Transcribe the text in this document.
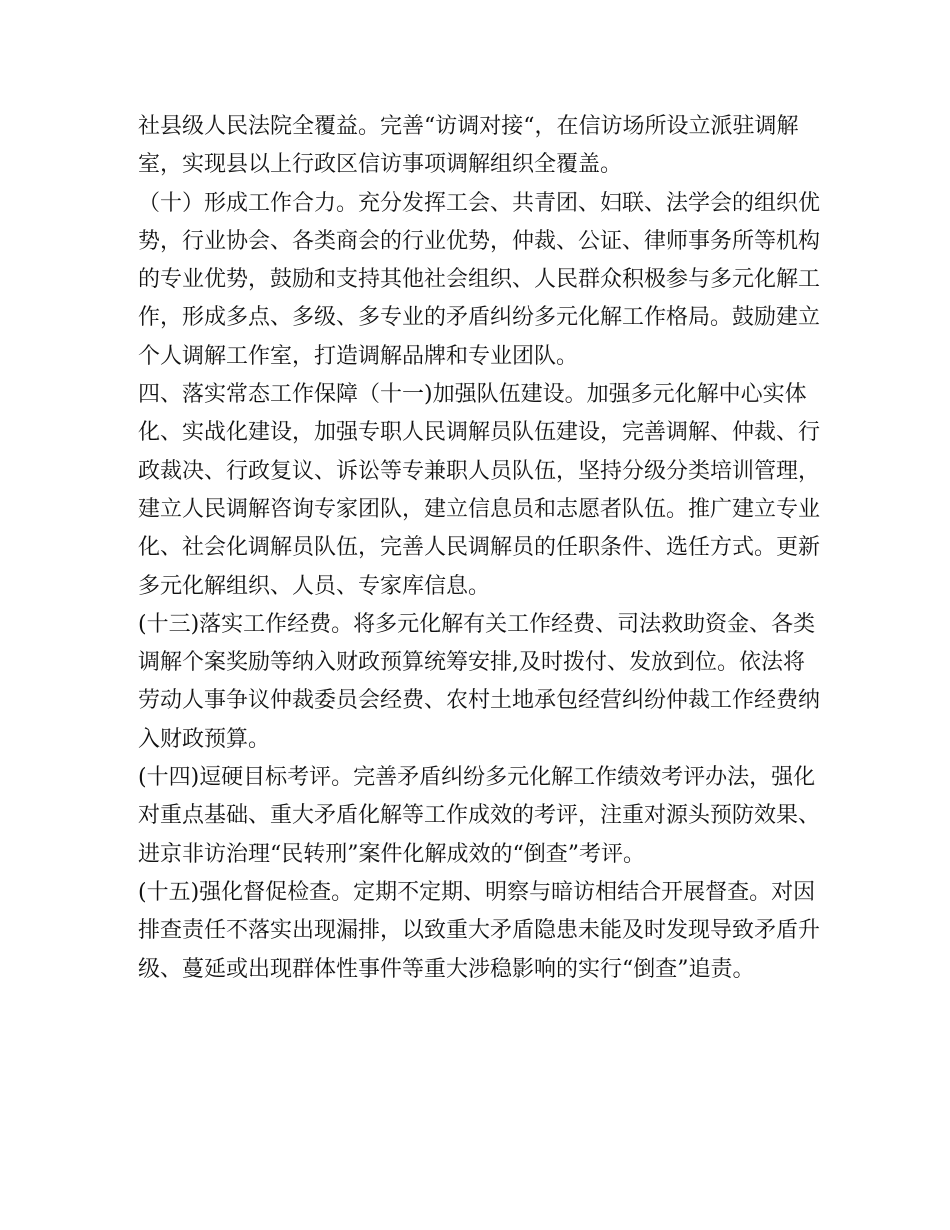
社县级人民法院全覆益。完善“访调对接“，在信访场所设立派驻调解
室，实现县以上行政区信访事项调解组织全覆盖。
（十）形成工作合力。充分发挥工会、共青团、妇联、法学会的组织优
势，行业协会、各类商会的行业优势，仲裁、公证、律师事务所等机构
的专业优势，鼓励和支持其他社会组织、人民群众积极参与多元化解工
作，形成多点、多级、多专业的矛盾纠纷多元化解工作格局。鼓励建立
个人调解工作室，打造调解品牌和专业团队。
四、落实常态工作保障（十一)加强队伍建设。加强多元化解中心实体
化、实战化建设，加强专职人民调解员队伍建设，完善调解、仲裁、行
政裁决、行政复议、诉讼等专兼职人员队伍，坚持分级分类培训管理，
建立人民调解咨询专家团队，建立信息员和志愿者队伍。推广建立专业
化、社会化调解员队伍，完善人民调解员的任职条件、选任方式。更新
多元化解组织、人员、专家库信息。
(十三)落实工作经费。将多元化解有关工作经费、司法救助资金、各类
调解个案奖励等纳入财政预算统筹安排,及时拨付、发放到位。依法将
劳动人事争议仲裁委员会经费、农村土地承包经营纠纷仲裁工作经费纳
入财政预算。
(十四)逗硬目标考评。完善矛盾纠纷多元化解工作绩效考评办法，强化
对重点基础、重大矛盾化解等工作成效的考评，注重对源头预防效果、
进京非访治理“民转刑”案件化解成效的“倒查”考评。
(十五)强化督促检查。定期不定期、明察与暗访相结合开展督查。对因
排查责任不落实出现漏排，以致重大矛盾隐患未能及时发现导致矛盾升
级、蔓延或出现群体性事件等重大涉稳影响的实行“倒查”追责。
